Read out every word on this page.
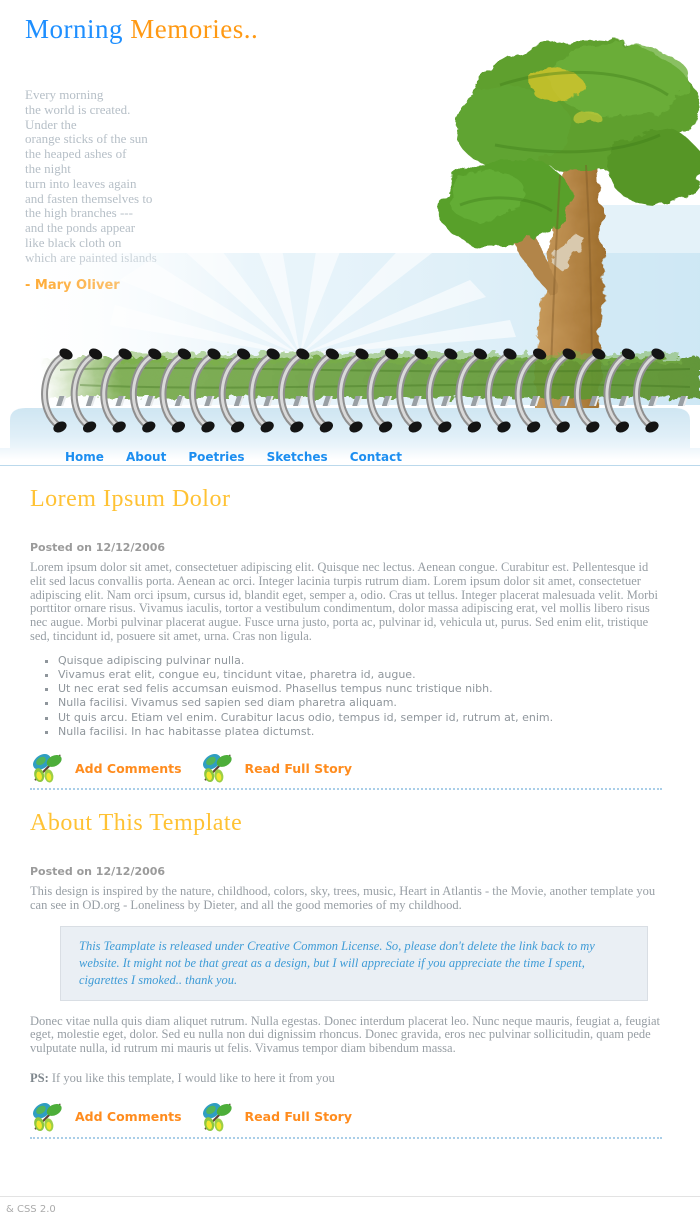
Morning Memories..
Every morning
the world is created.
Under the
orange sticks of the sun
the heaped ashes of
the night
turn into leaves again
and fasten themselves to
the high branches ---
and the ponds appear
like black cloth on
Home About Poetries Sketches Contact
Lorem Ipsum Dolor
Posted on 12/12/2006
Lorem ipsum dolor sit amet, consectetuer adipiscing elit. Quisque nec lectus. Aenean congue. Curabitur est. Pellentesque id elit sed lacus convallis porta. Aenean ac orci. Integer lacinia turpis rutrum diam. Lorem ipsum dolor sit amet, consectetuer adipiscing elit. Nam orci ipsum, cursus id, blandit eget, semper a, odio. Cras ut tellus. Integer placerat malesuada velit. Morbi porttitor ornare risus. Vivamus iaculis, tortor a vestibulum condimentum, dolor massa adipiscing erat, vel mollis libero risus nec augue. Morbi pulvinar placerat augue. Fusce urna justo, porta ac, pulvinar id, vehicula ut, purus. Sed enim elit, tristique sed, tincidunt id, posuere sit amet, urna. Cras non ligula.
▪ Quisque adipiscing pulvinar nulla.
▪ Vivamus erat elit, congue eu, tincidunt vitae, pharetra id, augue.
▪ Ut nec erat sed felis accumsan euismod. Phasellus tempus nunc tristique nibh.
▪ Nulla facilisi. Vivamus sed sapien sed diam pharetra aliquam.
▪ Ut quis arcu. Etiam vel enim. Curabitur lacus odio, tempus id, semper id, rutrum at, enim.
▪ Nulla facilisi. In hac habitasse platea dictumst.
Add Comments	Read Full Story
About This Template
Posted on 12/12/2006
This design is inspired by the nature, childhood, colors, sky, trees, music, Heart in Atlantis - the Movie, another template you can see in OD.org - Loneliness by Dieter, and all the good memories of my childhood.
This Teamplate is released under Creative Common License. So, please don't delete the link back to my website. It might not be that great as a design, but I will appreciate if you appreciate the time I spent, cigarettes I smoked.. thank you.
Donec vitae nulla quis diam aliquet rutrum. Nulla egestas. Donec interdum placerat leo. Nunc neque mauris, feugiat a, feugiat eget, molestie eget, dolor. Sed eu nulla non dui dignissim rhoncus. Donec gravida, eros nec pulvinar sollicitudin, quam pede vulputate nulla, id rutrum mi mauris ut felis. Vivamus tempor diam bibendum massa.
PS: If you like this template, I would like to here it from you
Add Comments	Read Full Story
& CSS 2.0
